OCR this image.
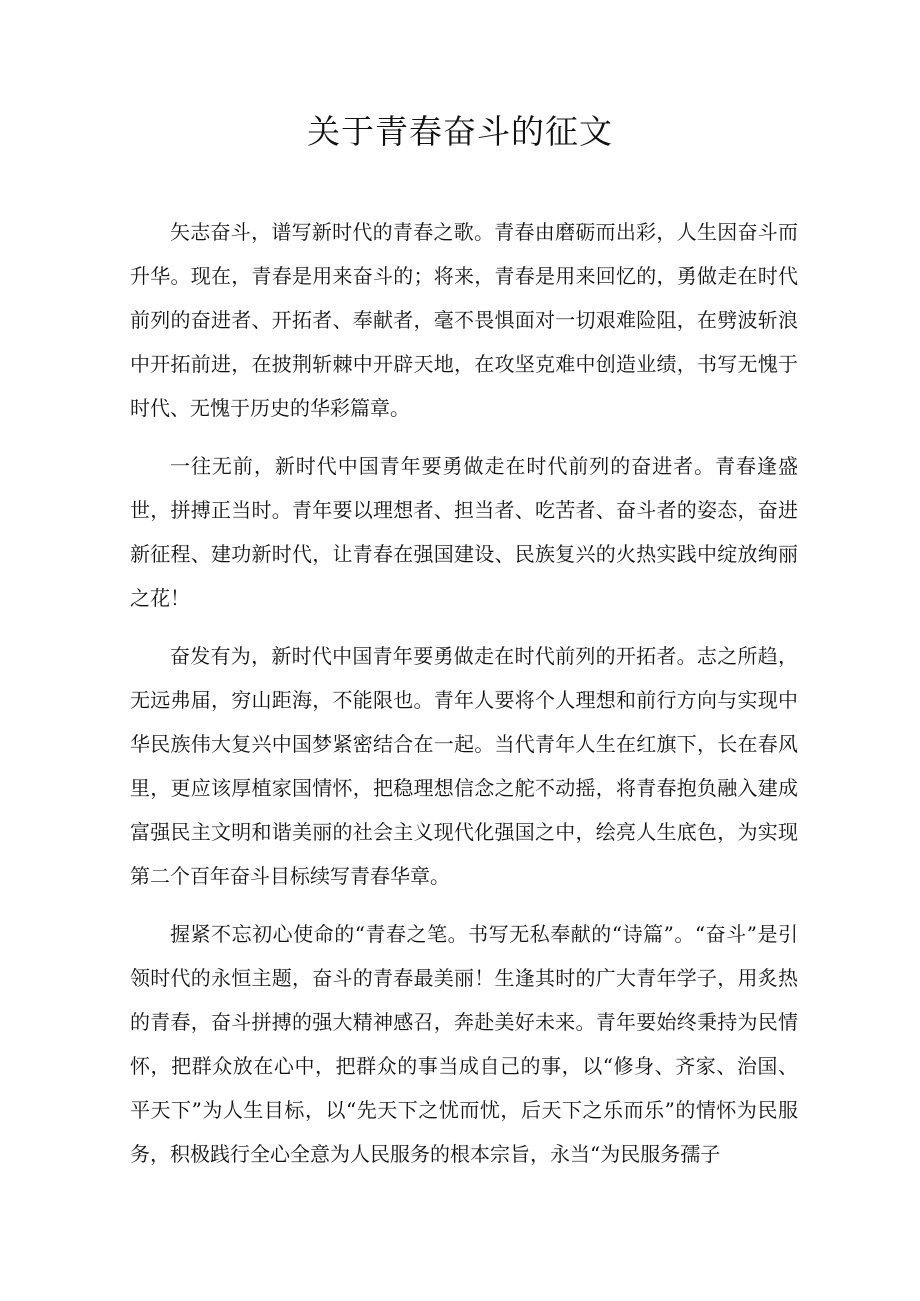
关于青春奋斗的征文

矢志奋斗，谱写新时代的青春之歌。青春由磨砺而出彩，人生因奋斗而升华。现在，青春是用来奋斗的；将来，青春是用来回忆的，勇做走在时代前列的奋进者、开拓者、奉献者，毫不畏惧面对一切艰难险阻，在劈波斩浪中开拓前进，在披荆斩棘中开辟天地，在攻坚克难中创造业绩，书写无愧于时代、无愧于历史的华彩篇章。

一往无前，新时代中国青年要勇做走在时代前列的奋进者。青春逢盛世，拼搏正当时。青年要以理想者、担当者、吃苦者、奋斗者的姿态，奋进新征程、建功新时代，让青春在强国建设、民族复兴的火热实践中绽放绚丽之花！

奋发有为，新时代中国青年要勇做走在时代前列的开拓者。志之所趋，无远弗届，穷山距海，不能限也。青年人要将个人理想和前行方向与实现中华民族伟大复兴中国梦紧密结合在一起。当代青年人生在红旗下，长在春风里，更应该厚植家国情怀，把稳理想信念之舵不动摇，将青春抱负融入建成富强民主文明和谐美丽的社会主义现代化强国之中，绘亮人生底色，为实现第二个百年奋斗目标续写青春华章。

握紧不忘初心使命的“青春之笔。书写无私奉献的“诗篇”。“奋斗”是引领时代的永恒主题，奋斗的青春最美丽！生逢其时的广大青年学子，用炙热的青春，奋斗拼搏的强大精神感召，奔赴美好未来。青年要始终秉持为民情怀，把群众放在心中，把群众的事当成自己的事，以“修身、齐家、治国、平天下”为人生目标，以“先天下之忧而忧，后天下之乐而乐”的情怀为民服务，积极践行全心全意为人民服务的根本宗旨，永当“为民服务孺子
